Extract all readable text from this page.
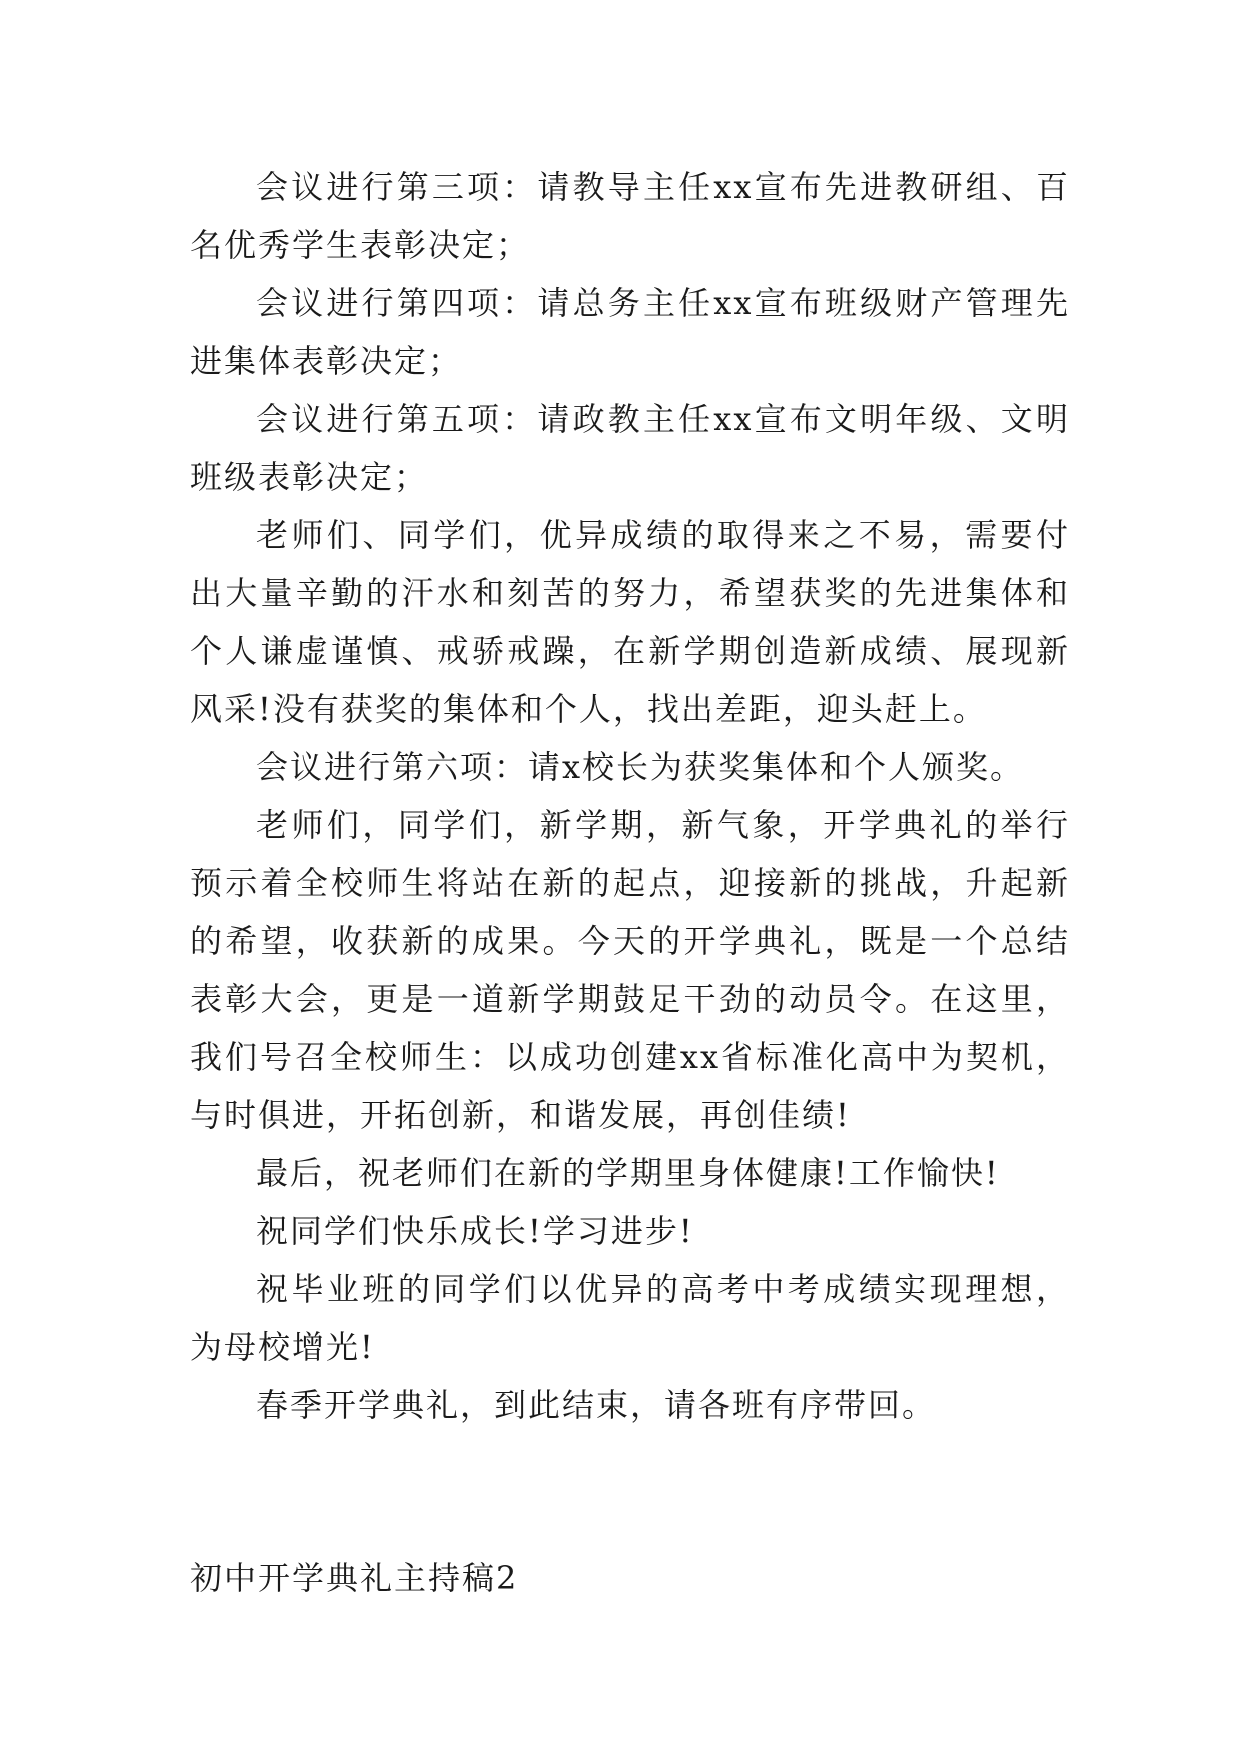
会议进行第三项：请教导主任xx宣布先进教研组、百名优秀学生表彰决定；

会议进行第四项：请总务主任xx宣布班级财产管理先进集体表彰决定；

会议进行第五项：请政教主任xx宣布文明年级、文明班级表彰决定；

老师们、同学们，优异成绩的取得来之不易，需要付出大量辛勤的汗水和刻苦的努力，希望获奖的先进集体和个人谦虚谨慎、戒骄戒躁，在新学期创造新成绩、展现新风采!没有获奖的集体和个人，找出差距，迎头赶上。

会议进行第六项：请x校长为获奖集体和个人颁奖。

老师们，同学们，新学期，新气象，开学典礼的举行预示着全校师生将站在新的起点，迎接新的挑战，升起新的希望，收获新的成果。今天的开学典礼，既是一个总结表彰大会，更是一道新学期鼓足干劲的动员令。在这里，我们号召全校师生：以成功创建xx省标准化高中为契机，与时俱进，开拓创新，和谐发展，再创佳绩!

最后，祝老师们在新的学期里身体健康!工作愉快!

祝同学们快乐成长!学习进步!

祝毕业班的同学们以优异的高考中考成绩实现理想，为母校增光!

春季开学典礼，到此结束，请各班有序带回。

初中开学典礼主持稿2
